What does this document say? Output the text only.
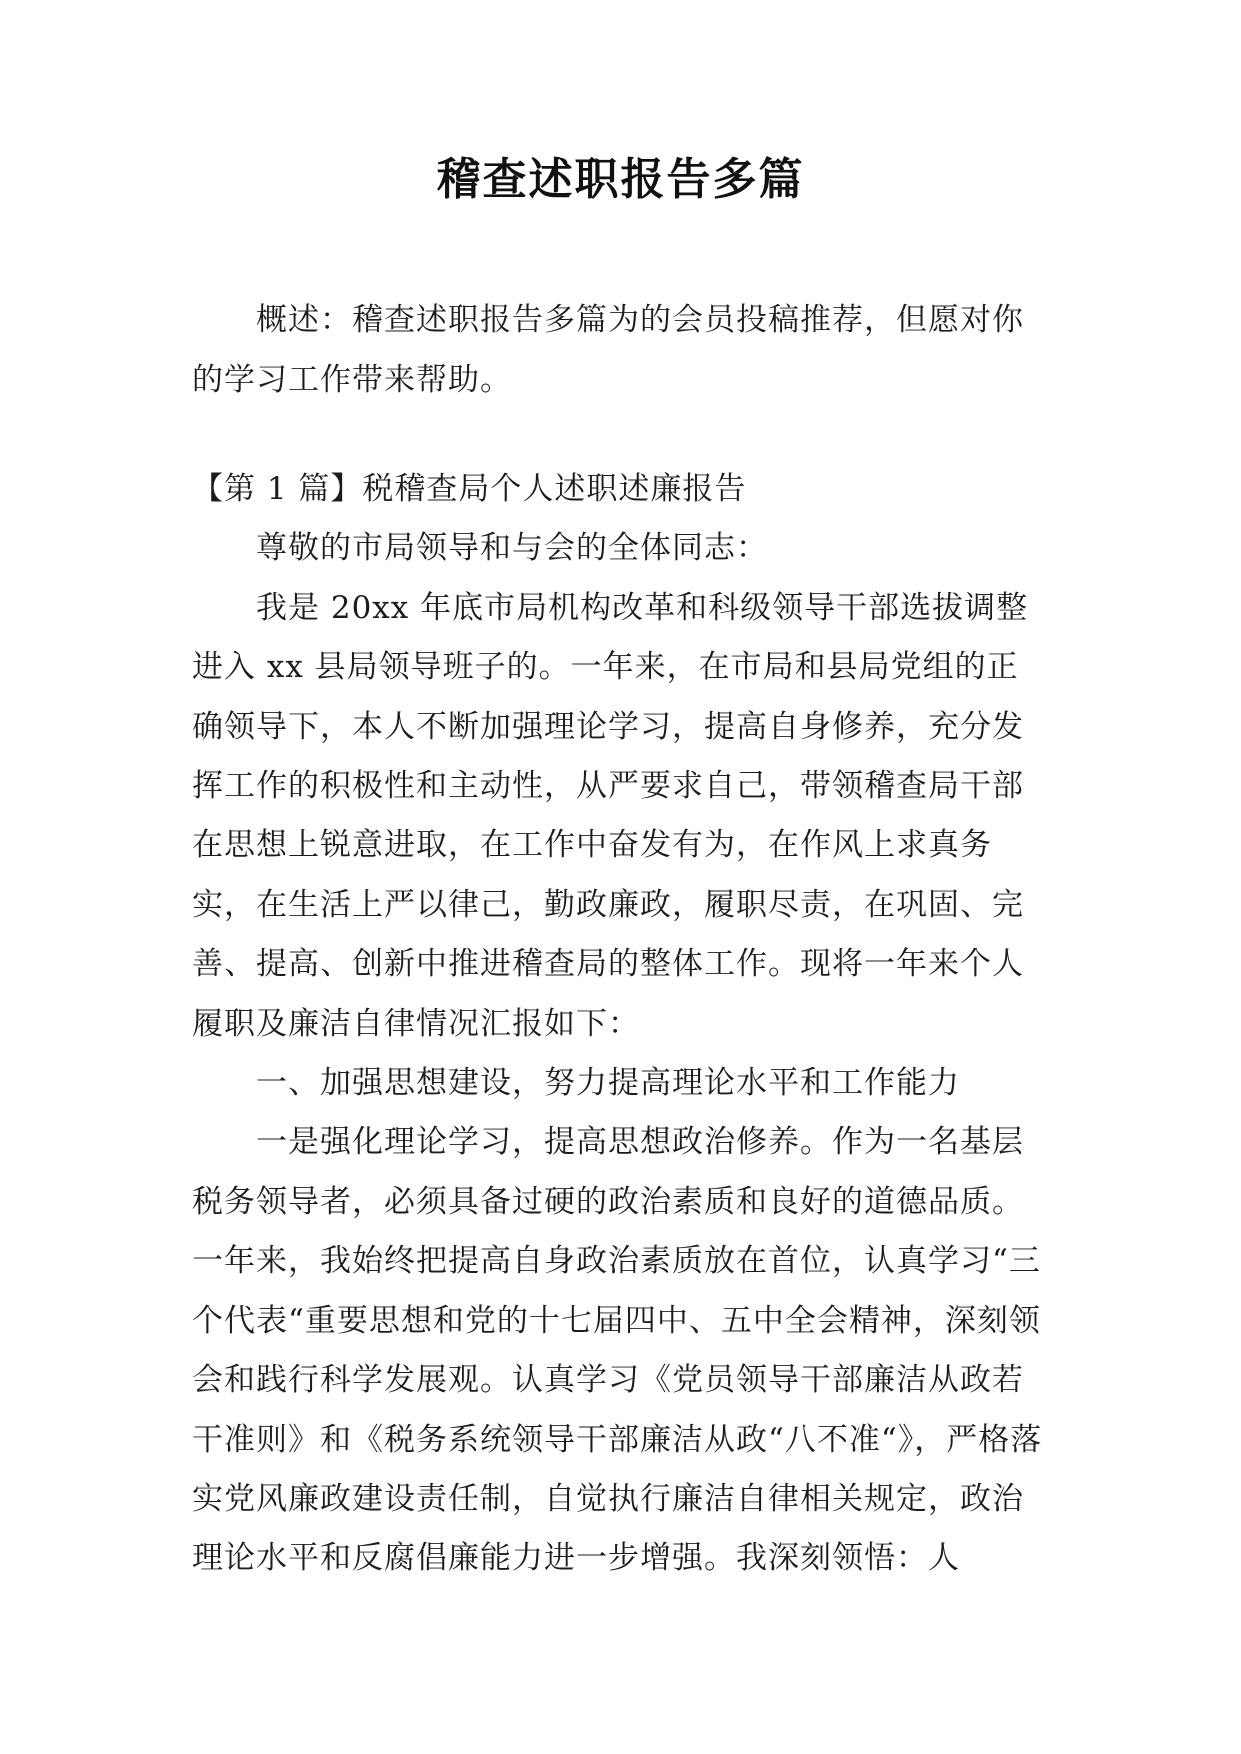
稽查述职报告多篇

概述：稽查述职报告多篇为的会员投稿推荐，但愿对你的学习工作带来帮助。

【第 1 篇】税稽查局个人述职述廉报告

尊敬的市局领导和与会的全体同志：

我是 20xx 年底市局机构改革和科级领导干部选拔调整进入 xx 县局领导班子的。一年来，在市局和县局党组的正确领导下，本人不断加强理论学习，提高自身修养，充分发挥工作的积极性和主动性，从严要求自己，带领稽查局干部在思想上锐意进取，在工作中奋发有为，在作风上求真务实，在生活上严以律己，勤政廉政，履职尽责，在巩固、完善、提高、创新中推进稽查局的整体工作。现将一年来个人履职及廉洁自律情况汇报如下：

一、加强思想建设，努力提高理论水平和工作能力

一是强化理论学习，提高思想政治修养。作为一名基层税务领导者，必须具备过硬的政治素质和良好的道德品质。一年来，我始终把提高自身政治素质放在首位，认真学习“三个代表“重要思想和党的十七届四中、五中全会精神，深刻领会和践行科学发展观。认真学习《党员领导干部廉洁从政若干准则》和《税务系统领导干部廉洁从政“八不准“》，严格落实党风廉政建设责任制，自觉执行廉洁自律相关规定，政治理论水平和反腐倡廉能力进一步增强。我深刻领悟：人
